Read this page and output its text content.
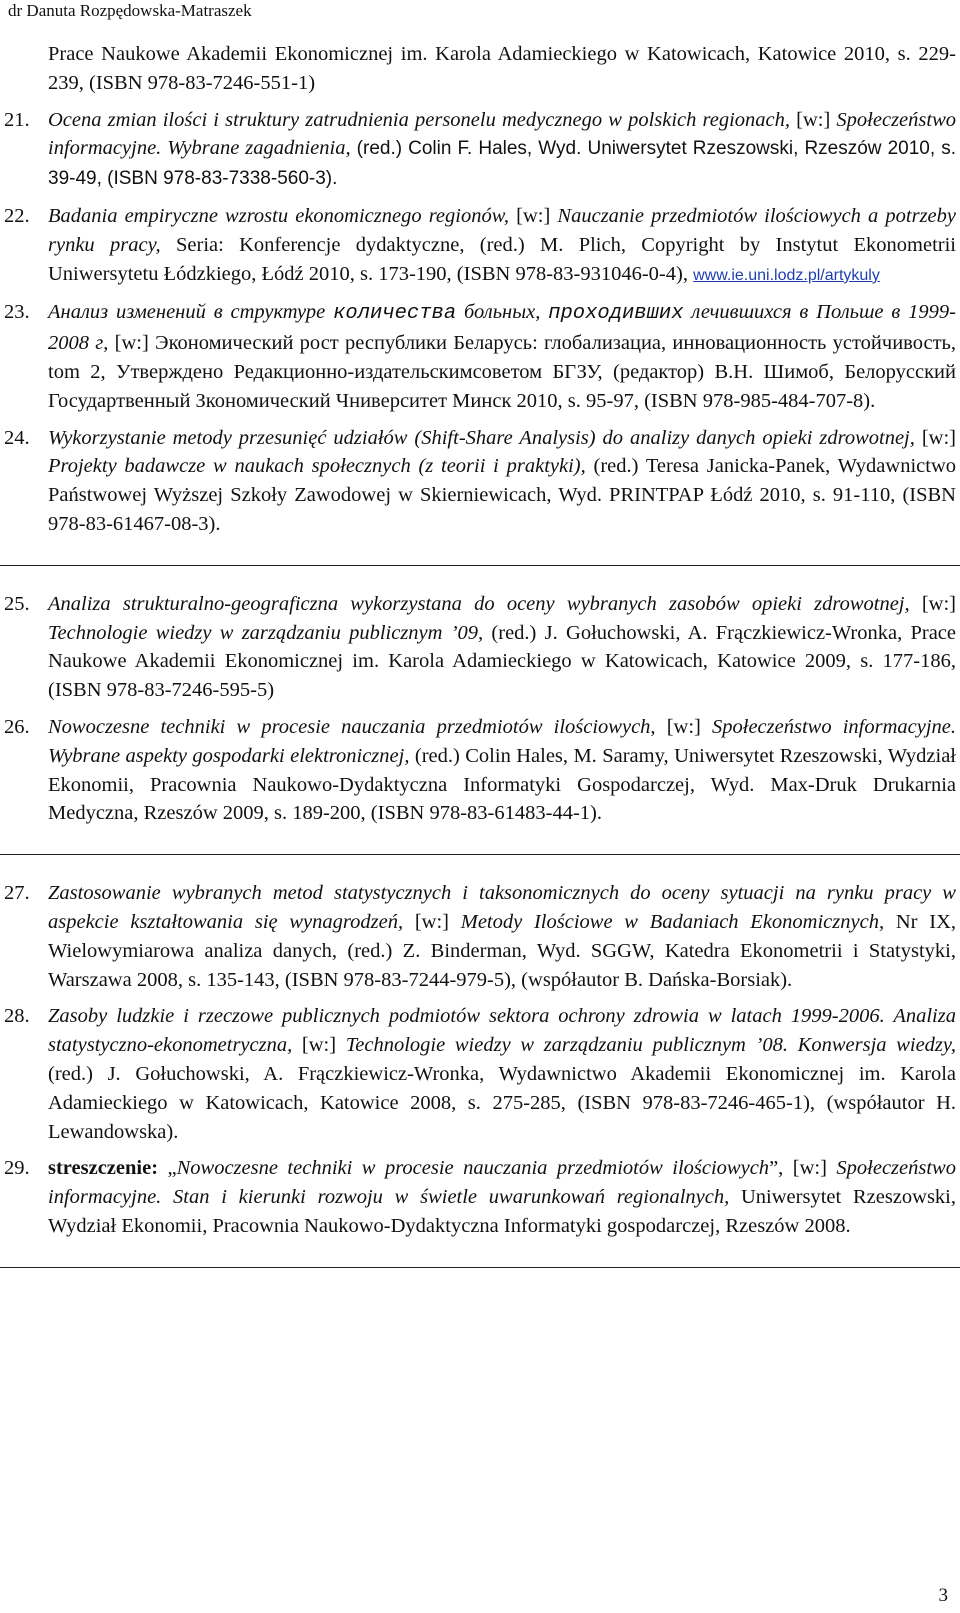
dr Danuta Rozpędowska-Matraszek
Prace Naukowe Akademii Ekonomicznej im. Karola Adamieckiego w Katowicach, Katowice 2010, s. 229-239, (ISBN 978-83-7246-551-1)
21. Ocena zmian ilości i struktury zatrudnienia personelu medycznego w polskich regionach, [w:] Społeczeństwo informacyjne. Wybrane zagadnienia, (red.) Colin F. Hales, Wyd. Uniwersytet Rzeszowski, Rzeszów 2010, s. 39-49, (ISBN 978-83-7338-560-3).
22. Badania empiryczne wzrostu ekonomicznego regionów, [w:] Nauczanie przedmiotów ilościowych a potrzeby rynku pracy, Seria: Konferencje dydaktyczne, (red.) M. Plich, Copyright by Instytut Ekonometrii Uniwersytetu Łódzkiego, Łódź 2010, s. 173-190, (ISBN 978-83-931046-0-4), www.ie.uni.lodz.pl/artykuly
23. Анализ изменений в структуре количества больных, проходивших лечившихся в Польше в 1999-2008 г, [w:] Экономический рост республики Беларусь: глобализациа, инновационность устойчивость, tom 2, Утверждено Редакционно-издательскимсоветом БГЗУ, (редактор) В.Н. Шимоб, Белорусский Государтвенный Зкономический Чниверситет Минск 2010, s. 95-97, (ISBN 978-985-484-707-8).
24. Wykorzystanie metody przesunięć udziałów (Shift-Share Analysis) do analizy danych opieki zdrowotnej, [w:] Projekty badawcze w naukach społecznych (z teorii i praktyki), (red.) Teresa Janicka-Panek, Wydawnictwo Państwowej Wyższej Szkoły Zawodowej w Skierniewicach, Wyd. PRINTPAP Łódź 2010, s. 91-110, (ISBN 978-83-61467-08-3).
25. Analiza strukturalno-geograficzna wykorzystana do oceny wybranych zasobów opieki zdrowotnej, [w:] Technologie wiedzy w zarządzaniu publicznym ’09, (red.) J. Gołuchowski, A. Frączkiewicz-Wronka, Prace Naukowe Akademii Ekonomicznej im. Karola Adamieckiego w Katowicach, Katowice 2009, s. 177-186, (ISBN 978-83-7246-595-5)
26. Nowoczesne techniki w procesie nauczania przedmiotów ilościowych, [w:] Społeczeństwo informacyjne. Wybrane aspekty gospodarki elektronicznej, (red.) Colin Hales, M. Saramy, Uniwersytet Rzeszowski, Wydział Ekonomii, Pracownia Naukowo-Dydaktyczna Informatyki Gospodarczej, Wyd. Max-Druk Drukarnia Medyczna, Rzeszów 2009, s. 189-200, (ISBN 978-83-61483-44-1).
27. Zastosowanie wybranych metod statystycznych i taksonomicznych do oceny sytuacji na rynku pracy w aspekcie kształtowania się wynagrodzeń, [w:] Metody Ilościowe w Badaniach Ekonomicznych, Nr IX, Wielowymiarowa analiza danych, (red.) Z. Binderman, Wyd. SGGW, Katedra Ekonometrii i Statystyki, Warszawa 2008, s. 135-143, (ISBN 978-83-7244-979-5), (współautor B. Dańska-Borsiak).
28. Zasoby ludzkie i rzeczowe publicznych podmiotów sektora ochrony zdrowia w latach 1999-2006. Analiza statystyczno-ekonometryczna, [w:] Technologie wiedzy w zarządzaniu publicznym ’08. Konwersja wiedzy, (red.) J. Gołuchowski, A. Frączkiewicz-Wronka, Wydawnictwo Akademii Ekonomicznej im. Karola Adamieckiego w Katowicach, Katowice 2008, s. 275-285, (ISBN 978-83-7246-465-1), (współautor H. Lewandowska).
29. streszczenie: „Nowoczesne techniki w procesie nauczania przedmiotów ilościowych”, [w:] Społeczeństwo informacyjne. Stan i kierunki rozwoju w świetle uwarunkowań regionalnych, Uniwersytet Rzeszowski, Wydział Ekonomii, Pracownia Naukowo-Dydaktyczna Informatyki gospodarczej, Rzeszów 2008.
3
